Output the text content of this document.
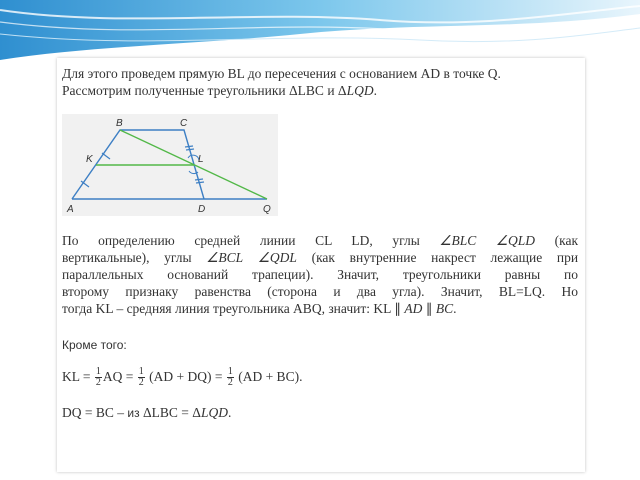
Для этого проведем прямую BL до пересечения с основанием AD в точке Q.
Рассмотрим полученные треугольники ΔLBC и ΔLQD.
B	C
K	L
A	D	Q
По определению средней линии CL LD, углы ∠BLC ∠QLD (как
вертикальные), углы ∠BCL ∠QDL (как внутренние накрест лежащие при
параллельных оснований трапеции). Значит, треугольники равны по
второму признаку равенства (сторона и два угла). Значит, BL=LQ. Но
тогда KL – средняя линия треугольника ABQ, значит: KL ∥ AD ∥ BC.
Кроме того:
KL = $\frac{1}{2}$ AQ = $\frac{1}{2} (AD + DQ) = \frac{1}{2} (AD + BC)$.
DQ = BC – из ΔLBC = ΔLQD.
